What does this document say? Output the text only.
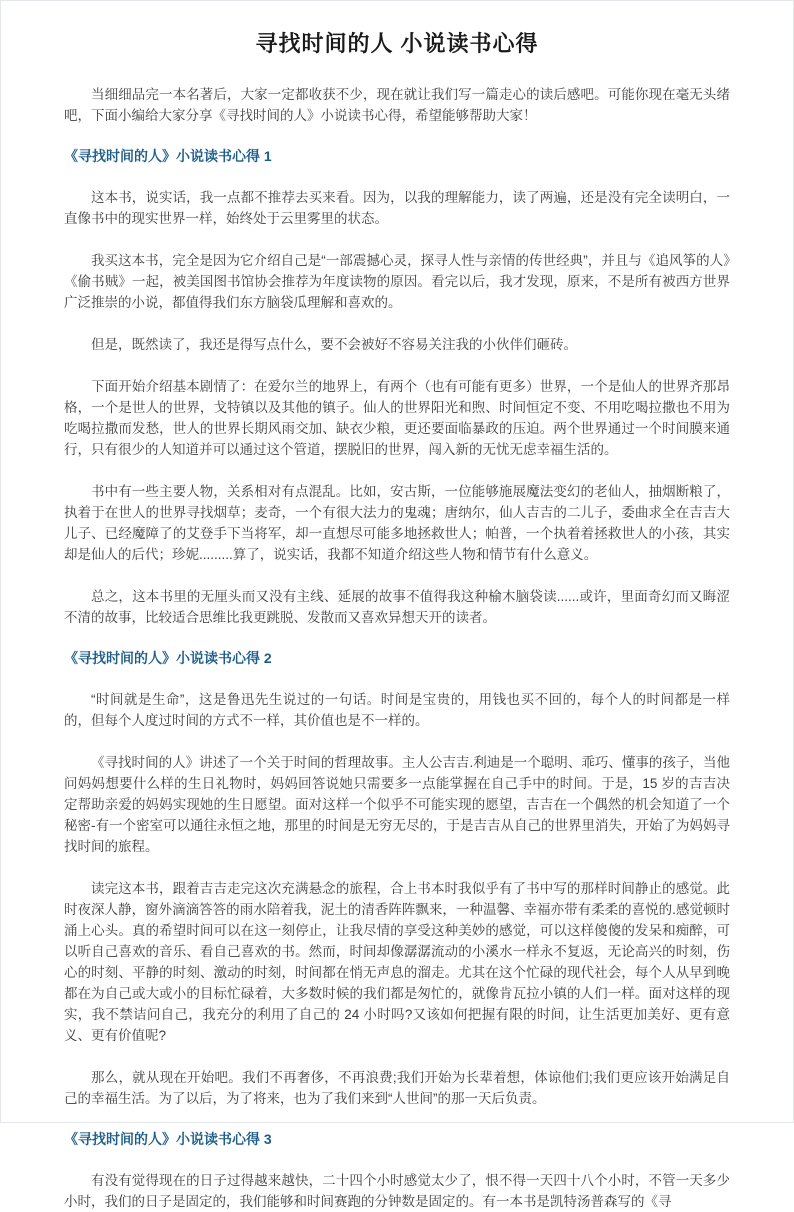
寻找时间的人 小说读书心得

当细细品完一本名著后，大家一定都收获不少，现在就让我们写一篇走心的读后感吧。可能你现在毫无头绪吧，下面小编给大家分享《寻找时间的人》小说读书心得，希望能够帮助大家！

《寻找时间的人》小说读书心得 1

这本书，说实话，我一点都不推荐去买来看。因为，以我的理解能力，读了两遍，还是没有完全读明白，一直像书中的现实世界一样，始终处于云里雾里的状态。

我买这本书，完全是因为它介绍自己是“一部震撼心灵，探寻人性与亲情的传世经典”，并且与《追风筝的人》《偷书贼》一起，被美国图书馆协会推荐为年度读物的原因。看完以后，我才发现，原来，不是所有被西方世界广泛推崇的小说，都值得我们东方脑袋瓜理解和喜欢的。

但是，既然读了，我还是得写点什么，要不会被好不容易关注我的小伙伴们砸砖。

下面开始介绍基本剧情了：在爱尔兰的地界上，有两个（也有可能有更多）世界，一个是仙人的世界齐那昂格，一个是世人的世界，戈特镇以及其他的镇子。仙人的世界阳光和煦、时间恒定不变、不用吃喝拉撒也不用为吃喝拉撒而发愁，世人的世界长期风雨交加、缺衣少粮，更还要面临暴政的压迫。两个世界通过一个时间膜来通行，只有很少的人知道并可以通过这个管道，摆脱旧的世界，闯入新的无忧无虑幸福生活的。

书中有一些主要人物，关系相对有点混乱。比如，安古斯，一位能够施展魔法变幻的老仙人，抽烟断粮了，执着于在世人的世界寻找烟草；麦奇，一个有很大法力的鬼魂；唐纳尔，仙人吉吉的二儿子，委曲求全在吉吉大儿子、已经魔障了的艾登手下当将军，却一直想尽可能多地拯救世人；帕普，一个执着着拯救世人的小孩，其实却是仙人的后代；珍妮.........算了，说实话，我都不知道介绍这些人物和情节有什么意义。

总之，这本书里的无厘头而又没有主线、延展的故事不值得我这种榆木脑袋读......或许，里面奇幻而又晦涩不清的故事，比较适合思维比我更跳脱、发散而又喜欢异想天开的读者。

《寻找时间的人》小说读书心得 2

“时间就是生命”，这是鲁迅先生说过的一句话。时间是宝贵的，用钱也买不回的，每个人的时间都是一样的，但每个人度过时间的方式不一样，其价值也是不一样的。

《寻找时间的人》讲述了一个关于时间的哲理故事。主人公吉吉.利迪是一个聪明、乖巧、懂事的孩子，当他问妈妈想要什么样的生日礼物时，妈妈回答说她只需要多一点能掌握在自己手中的时间。于是，15 岁的吉吉决定帮助亲爱的妈妈实现她的生日愿望。面对这样一个似乎不可能实现的愿望，吉吉在一个偶然的机会知道了一个秘密-有一个密室可以通往永恒之地，那里的时间是无穷无尽的，于是吉吉从自己的世界里消失，开始了为妈妈寻找时间的旅程。

读完这本书，跟着吉吉走完这次充满悬念的旅程，合上书本时我似乎有了书中写的那样时间静止的感觉。此时夜深人静，窗外滴滴答答的雨水陪着我，泥土的清香阵阵飘来，一种温馨、幸福亦带有柔柔的喜悦的.感觉顿时涌上心头。真的希望时间可以在这一刻停止，让我尽情的享受这种美妙的感觉，可以这样傻傻的发呆和痴醉，可以听自己喜欢的音乐、看自己喜欢的书。然而，时间却像潺潺流动的小溪水一样永不复返，无论高兴的时刻，伤心的时刻、平静的时刻、激动的时刻，时间都在悄无声息的溜走。尤其在这个忙碌的现代社会，每个人从早到晚都在为自己或大或小的目标忙碌着，大多数时候的我们都是匆忙的，就像肯瓦拉小镇的人们一样。面对这样的现实，我不禁诘问自己，我充分的利用了自己的 24 小时吗?又该如何把握有限的时间，让生活更加美好、更有意义、更有价值呢?

那么，就从现在开始吧。我们不再奢侈，不再浪费;我们开始为长辈着想，体谅他们;我们更应该开始满足自己的幸福生活。为了以后，为了将来，也为了我们来到“人世间”的那一天后负责。

《寻找时间的人》小说读书心得 3

有没有觉得现在的日子过得越来越快，二十四个小时感觉太少了，恨不得一天四十八个小时，不管一天多少小时，我们的日子是固定的，我们能够和时间赛跑的分钟数是固定的。有一本书是凯特汤普森写的《寻
